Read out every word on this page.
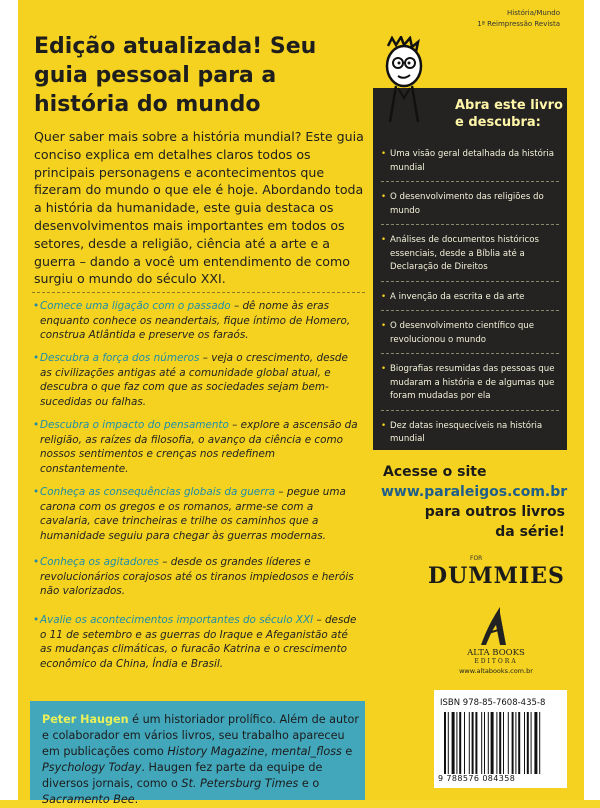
História/Mundo
1ª Reimpressão Revista
Edição atualizada! Seu guia pessoal para a história do mundo
Quer saber mais sobre a história mundial? Este guia conciso explica em detalhes claros todos os principais personagens e acontecimentos que fizeram do mundo o que ele é hoje. Abordando toda a história da humanidade, este guia destaca os desenvolvimentos mais importantes em todos os setores, desde a religião, ciência até a arte e a guerra – dando a você um entendimento de como surgiu o mundo do século XXI.
• Comece uma ligação com o passado – dê nome às eras enquanto conhece os neandertais, fique íntimo de Homero, construa Atlântida e preserve os faraós.
• Descubra a força dos números – veja o crescimento, desde as civilizações antigas até a comunidade global atual, e descubra o que faz com que as sociedades sejam bem-sucedidas ou falhas.
• Descubra o impacto do pensamento – explore a ascensão da religião, as raízes da filosofia, o avanço da ciência e como nossos sentimentos e crenças nos redefinem constantemente.
• Conheça as consequências globais da guerra – pegue uma carona com os gregos e os romanos, arme-se com a cavalaria, cave trincheiras e trilhe os caminhos que a humanidade seguiu para chegar às guerras modernas.
• Conheça os agitadores – desde os grandes líderes e revolucionários corajosos até os tiranos impiedosos e heróis não valorizados.
• Avalie os acontecimentos importantes do século XXI – desde o 11 de setembro e as guerras do Iraque e Afeganistão até as mudanças climáticas, o furacão Katrina e o crescimento econômico da China, Índia e Brasil.

Peter Haugen é um historiador prolífico. Além de autor e colaborador em vários livros, seu trabalho apareceu em publicações como History Magazine, mental_floss e Psychology Today. Haugen fez parte da equipe de diversos jornais, como o St. Petersburg Times e o Sacramento Bee.

Abra este livro e descubra:
• Uma visão geral detalhada da história mundial
• O desenvolvimento das religiões do mundo
• Análises de documentos históricos essenciais, desde a Bíblia até a Declaração de Direitos
• A invenção da escrita e da arte
• O desenvolvimento científico que revolucionou o mundo
• Biografias resumidas das pessoas que mudaram a história e de algumas que foram mudadas por ela
• Dez datas inesquecíveis na história mundial
Acesse o site
www.paraleigos.com.br
para outros livros
da série!
FOR
DUMMIES
ALTA BOOKS
EDITORA
www.altabooks.com.br
ISBN 978-85-7608-435-8
9 788576 084358
